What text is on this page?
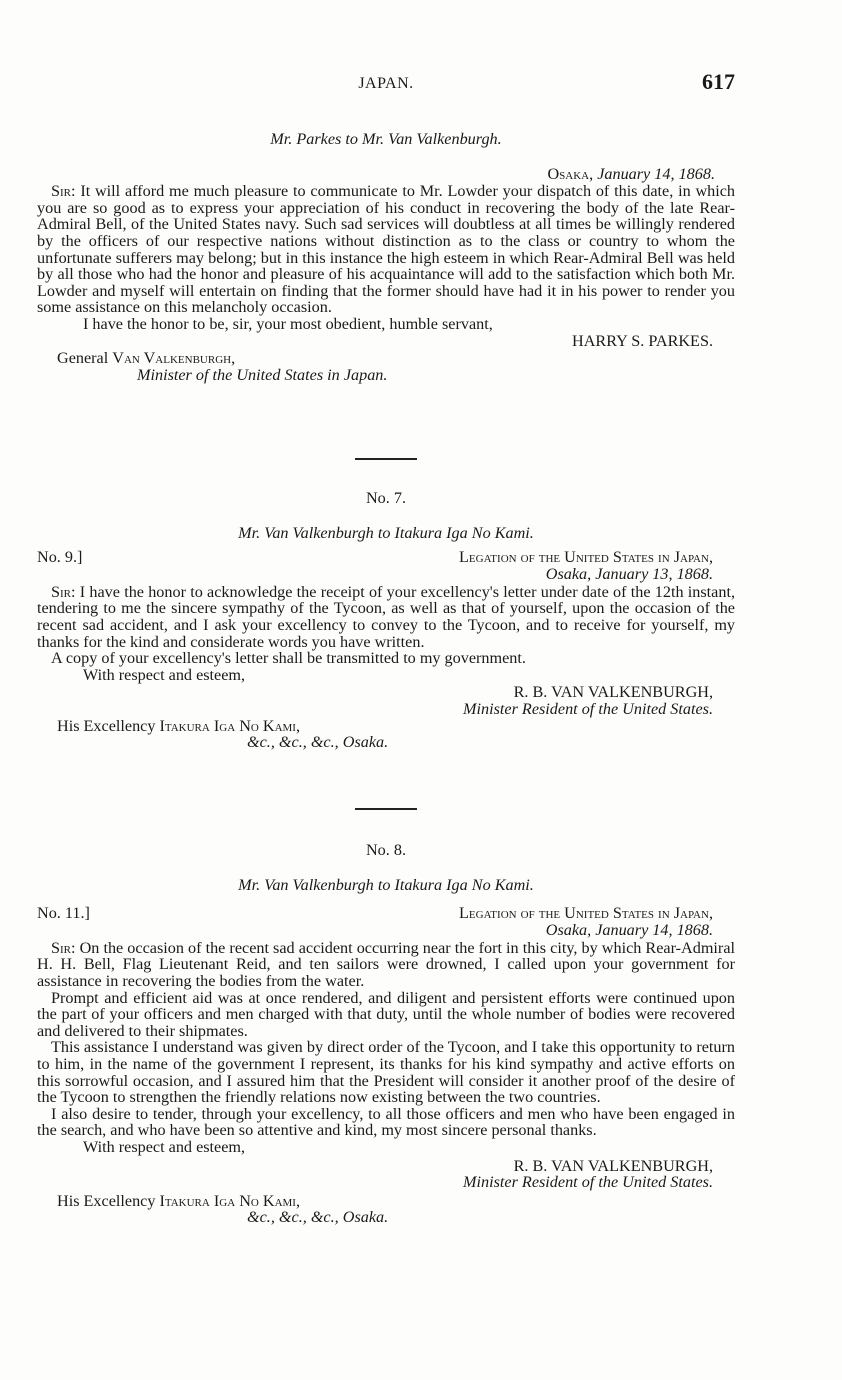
JAPAN.	617
Mr. Parkes to Mr. Van Valkenburgh.
Osaka, January 14, 1868.

Sir: It will afford me much pleasure to communicate to Mr. Lowder your dispatch of this date, in which you are so good as to express your appreciation of his conduct in recovering the body of the late Rear-Admiral Bell, of the United States navy. Such sad services will doubtless at all times be willingly rendered by the officers of our respective nations without distinction as to the class or country to whom the unfortunate sufferers may belong; but in this instance the high esteem in which Rear-Admiral Bell was held by all those who had the honor and pleasure of his acquaintance will add to the satisfaction which both Mr. Lowder and myself will entertain on finding that the former should have had it in his power to render you some assistance on this melancholy occasion.

I have the honor to be, sir, your most obedient, humble servant,

HARRY S. PARKES.
General Van Valkenburgh,
Minister of the United States in Japan.
No. 7.
Mr. Van Valkenburgh to Itakura Iga No Kami.
No. 9.]	Legation of the United States in Japan,
Osaka, January 13, 1868.

Sir: I have the honor to acknowledge the receipt of your excellency's letter under date of the 12th instant, tendering to me the sincere sympathy of the Tycoon, as well as that of yourself, upon the occasion of the recent sad accident, and I ask your excellency to convey to the Tycoon, and to receive for yourself, my thanks for the kind and considerate words you have written.

A copy of your excellency's letter shall be transmitted to my government.

With respect and esteem,

R. B. VAN VALKENBURGH,
Minister Resident of the United States.
His Excellency Itakura Iga No Kami,
&c., &c., &c., Osaka.
No. 8.
Mr. Van Valkenburgh to Itakura Iga No Kami.
No. 11.]	Legation of the United States in Japan,
Osaka, January 14, 1868.

Sir: On the occasion of the recent sad accident occurring near the fort in this city, by which Rear-Admiral H. H. Bell, Flag Lieutenant Reid, and ten sailors were drowned, I called upon your government for assistance in recovering the bodies from the water.

Prompt and efficient aid was at once rendered, and diligent and persistent efforts were continued upon the part of your officers and men charged with that duty, until the whole number of bodies were recovered and delivered to their shipmates.

This assistance I understand was given by direct order of the Tycoon, and I take this opportunity to return to him, in the name of the government I represent, its thanks for his kind sympathy and active efforts on this sorrowful occasion, and I assured him that the President will consider it another proof of the desire of the Tycoon to strengthen the friendly relations now existing between the two countries.

I also desire to tender, through your excellency, to all those officers and men who have been engaged in the search, and who have been so attentive and kind, my most sincere personal thanks.

With respect and esteem,

R. B. VAN VALKENBURGH,
Minister Resident of the United States.
His Excellency Itakura Iga No Kami,
&c., &c., &c., Osaka.
